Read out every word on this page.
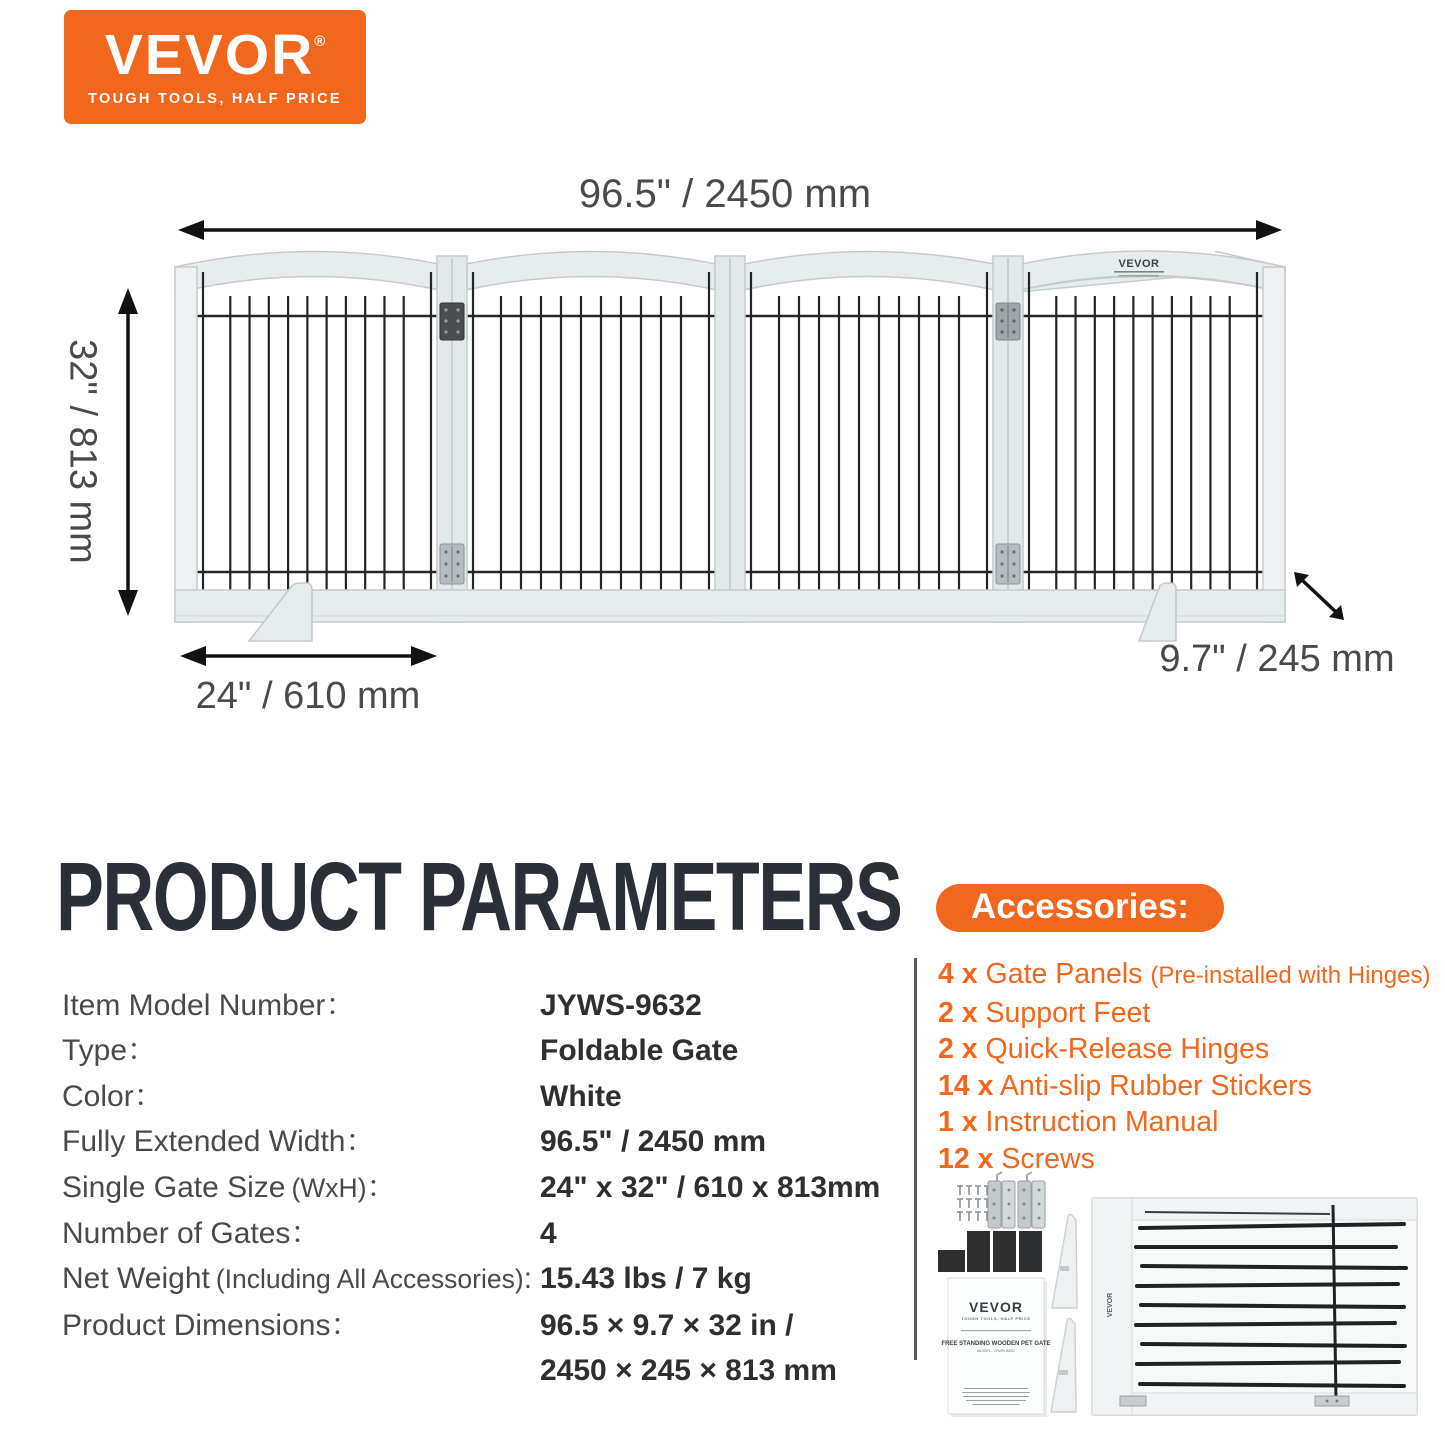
VEVOR®
TOUGH TOOLS, HALF PRICE
VEVOR
96.5" / 2450 mm
32" / 813 mm
24" / 610 mm
9.7" / 245 mm
PRODUCT PARAMETERS
Item Model Number：	JYWS-9632
Type：	Foldable Gate
Color：	White
Fully Extended Width：	96.5" / 2450 mm
Single Gate Size (WxH)：	24" x 32" / 610 x 813mm
Number of Gates：	4
Net Weight (Including All Accessories): 15.43 lbs / 7 kg
Product Dimensions：	96.5 × 9.7 × 32 in /
2450 × 245 × 813 mm
Accessories:
4 x Gate Panels (Pre-installed with Hinges)
2 x Support Feet
2 x Quick-Release Hinges
14 x Anti-slip Rubber Stickers
1 x Instruction Manual
12 x Screws
VEVOR
TOUGH TOOLS, HALF PRICE
FREE STANDING WOODEN PET GATE
MODEL: JYWS-9632
VEVOR
